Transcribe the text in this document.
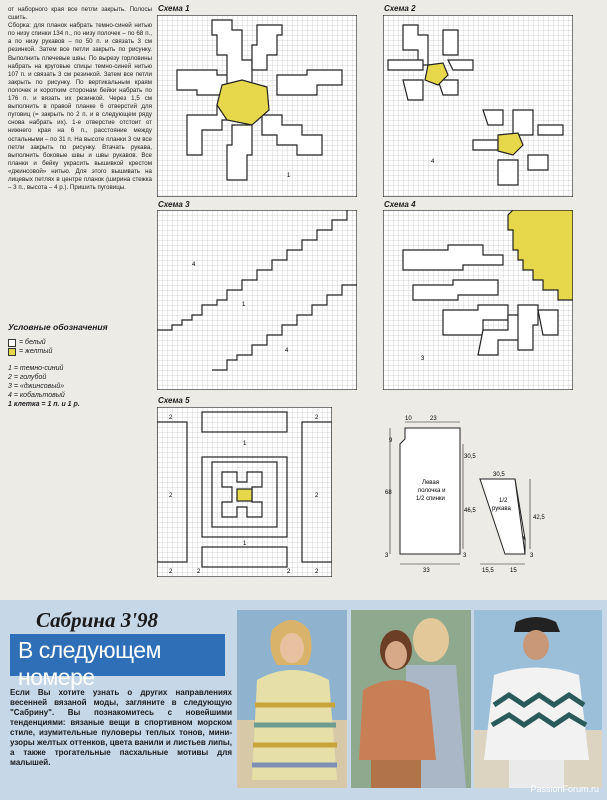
от наборного края все петли закрыть. Полосы сшить.
Сборка: для планок набрать темно-синей нитью по низу спинки 134 п., по низу полочек – по 68 п., а по низу рукавов – по 50 п. и связать 3 см резинкой. Затем все петли закрыть по рисунку. Выполнить плечевые швы. По вырезу горловины набрать на круговые спицы темно-синей нитью 107 п. и связать 3 см резинкой. Затем все петли закрыть по рисунку. По вертикальным краям полочек и коротким сторонам бейки набрать по 176 п. и вязать их резинкой. Через 1,5 см выполнить в правой планке 6 отверстий для пуговиц (= закрыть по 2 п. и в следующем ряду снова набрать их). 1-е отверстие отстоит от нижнего края на 6 п., расстояние между остальными – по 31 п. На высоте планки 3 см все петли закрыть по рисунку. Втачать рукава, выполнить боковые швы и швы рукавов. Все планки и бейку украсить вышивкой крестом «джинсовой» нитью. Для этого вышивать на лицевых петлях в центре планок (ширина стежка – 3 п., высота – 4 р.). Пришить пуговицы.
Условные обозначения
= белый
= желтый
1 = темно-синий
2 = голубой
3 = «джинсовый»
4 = кобальтовый
1 клетка = 1 п. и 1 р.
Схема 1	Схема 2
Схема 3	Схема 4
Схема 5
1
4
4
1
4
3
2	2
2	2
2	2
2	2
1
1
10	23
9
30,5
68
Левая
полочка и
1/2 спинки
46,5
3
33
3
30,5
1/2
рукава
42,5
3
15,5	15
Сабрина 3'98
В следующем номере
Если Вы хотите узнать о других направлениях весенней вязаной моды, загляните в следующую "Сабрину". Вы познакомитесь с новейшими тенденциями: вязаные вещи в спортивном морском стиле, изумительные пуловеры теплых тонов, мини-узоры желтых оттенков, цвета ванили и листьев липы, а также трогательные пасхальные мотивы для малышей.
PassionForum.ru
